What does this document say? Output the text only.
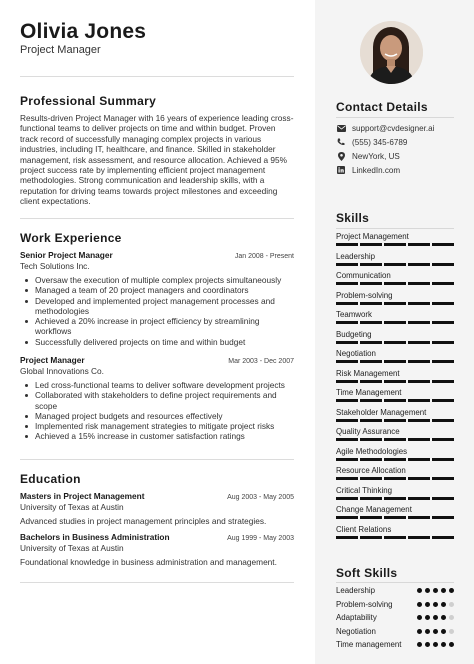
Olivia Jones
Project Manager
Professional Summary
Results-driven Project Manager with 16 years of experience leading cross-functional teams to deliver projects on time and within budget. Proven track record of successfully managing complex projects in various industries, including IT, healthcare, and finance. Skilled in stakeholder management, risk assessment, and resource allocation. Achieved a 95% project success rate by implementing efficient project management methodologies. Strong communication and leadership skills, with a reputation for driving teams towards project milestones and exceeding client expectations.
Work Experience
Senior Project Manager	Jan 2008 - Present
Tech Solutions Inc.
Oversaw the execution of multiple complex projects simultaneously
Managed a team of 20 project managers and coordinators
Developed and implemented project management processes and methodologies
Achieved a 20% increase in project efficiency by streamlining workflows
Successfully delivered projects on time and within budget
Project Manager	Mar 2003 - Dec 2007
Global Innovations Co.
Led cross-functional teams to deliver software development projects
Collaborated with stakeholders to define project requirements and scope
Managed project budgets and resources effectively
Implemented risk management strategies to mitigate project risks
Achieved a 15% increase in customer satisfaction ratings
Education
Masters in Project Management	Aug 2003 - May 2005
University of Texas at Austin
Advanced studies in project management principles and strategies.
Bachelors in Business Administration	Aug 1999 - May 2003
University of Texas at Austin
Foundational knowledge in business administration and management.
Contact Details
support@cvdesigner.ai
(555) 345-6789
NewYork, US
LinkedIn.com
Skills
Project Management
Leadership
Communication
Problem-solving
Teamwork
Budgeting
Negotiation
Risk Management
Time Management
Stakeholder Management
Quality Assurance
Agile Methodologies
Resource Allocation
Critical Thinking
Change Management
Client Relations
Soft Skills
Leadership
Problem-solving
Adaptability
Negotiation
Time management
